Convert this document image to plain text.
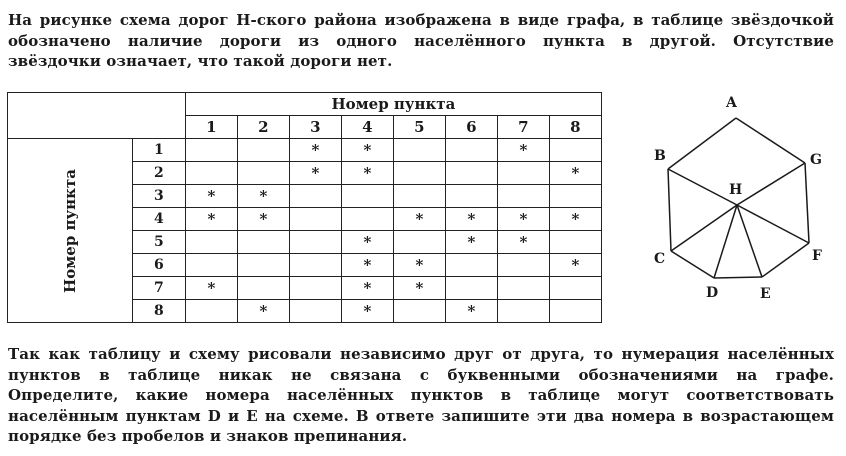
На рисунке схема дорог Н-ского района изображена в виде графа, в таблице звёздочкой
обозначено наличие дороги из одного населённого пункта в другой. Отсутствие
звёздочки означает, что такой дороги нет.
		Номер пункта							
		1	2	3	4	5	6	7	8

Номер пункта	1			*	*			*	
	2			*	*				*
	3	*	*						
	4	*	*			*	*	*	*
	5				*		*	*	
	6				*	*			*
	7	*			*	*			
	8		*		*		*		
A
B	G
H
C	F
D	E
Так как таблицу и схему рисовали независимо друг от друга, то нумерация населённых
пунктов в таблице никак не связана с буквенными обозначениями на графе.
Определите, какие номера населённых пунктов в таблице могут соответствовать
населённым пунктам D и E на схеме. В ответе запишите эти два номера в возрастающем
порядке без пробелов и знаков препинания.
